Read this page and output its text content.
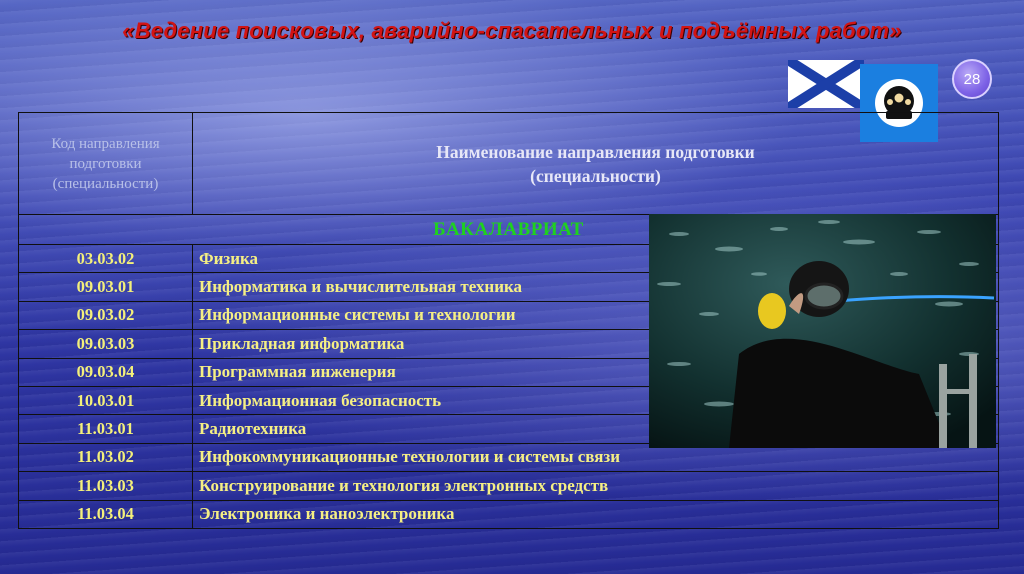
«Ведение поисковых, аварийно-спасательных и подъёмных работ»
28
Код направления подготовки (специальности)	Наименование направления подготовки
(специальности)

БАКАЛАВРИАТ	
03.03.02	Физика
09.03.01	Информатика и вычислительная техника
09.03.02	Информационные системы и технологии
09.03.03	Прикладная информатика
09.03.04	Программная инженерия
10.03.01	Информационная безопасность
11.03.01	Радиотехника
11.03.02	Инфокоммуникационные технологии и системы связи
11.03.03	Конструирование и технология электронных средств
11.03.04	Электроника и наноэлектроника
